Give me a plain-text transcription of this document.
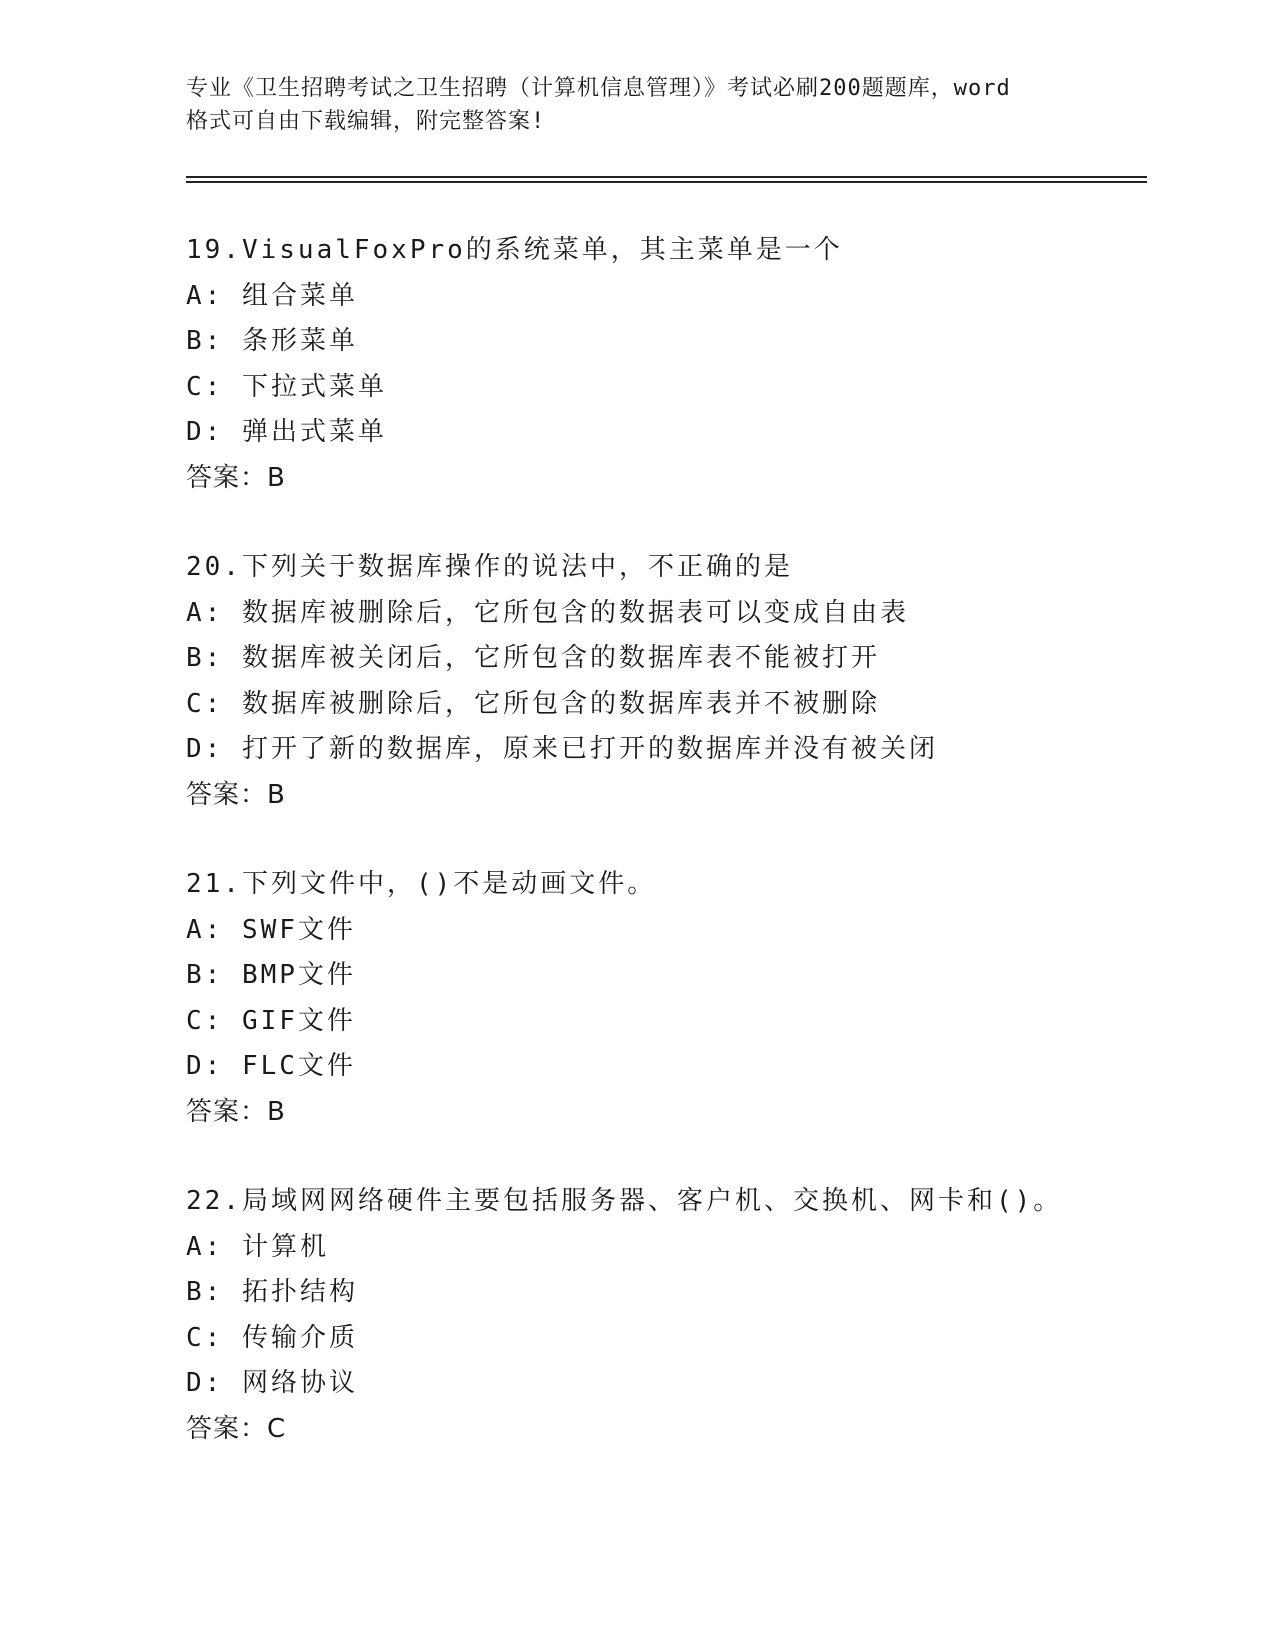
专业《卫生招聘考试之卫生招聘（计算机信息管理）》考试必刷200题题库，word
格式可自由下载编辑，附完整答案!
19.VisualFoxPro的系统菜单，其主菜单是一个
A: 组合菜单
B: 条形菜单
C: 下拉式菜单
D: 弹出式菜单
答案：B
20.下列关于数据库操作的说法中，不正确的是
A: 数据库被删除后，它所包含的数据表可以变成自由表
B: 数据库被关闭后，它所包含的数据库表不能被打开
C: 数据库被删除后，它所包含的数据库表并不被删除
D: 打开了新的数据库，原来已打开的数据库并没有被关闭
答案：B
21.下列文件中，()不是动画文件。
A: SWF文件
B: BMP文件
C: GIF文件
D: FLC文件
答案：B
22.局域网网络硬件主要包括服务器、客户机、交换机、网卡和()。
A: 计算机
B: 拓扑结构
C: 传输介质
D: 网络协议
答案：C
